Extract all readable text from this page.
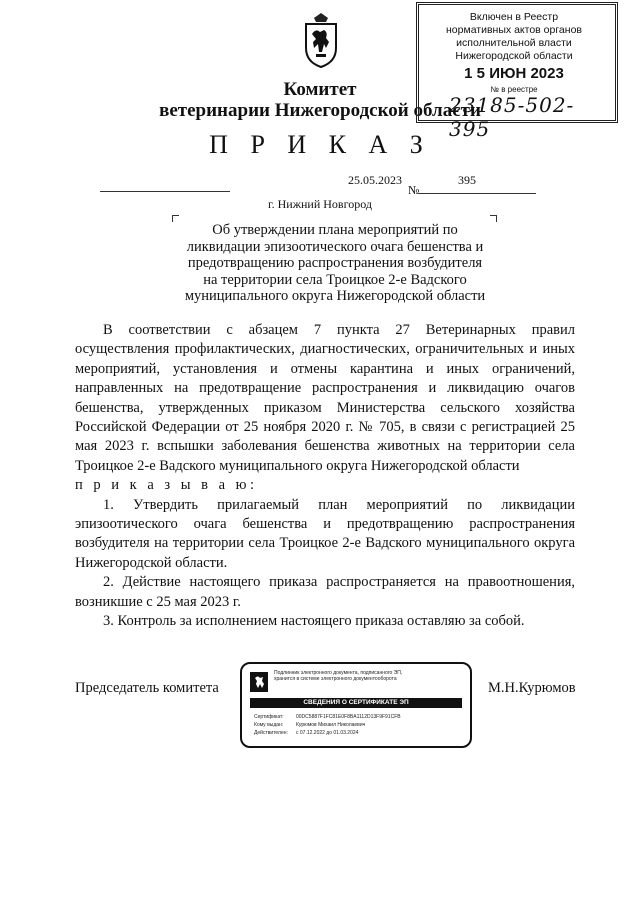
Комитет
ветеринарии Нижегородской области
Включен в Реестр
нормативных актов органов
исполнительной власти
Нижегородской области
1 5 ИЮН 2023
№ в реестре
23185-502-395
П Р И К А З
25.05.2023	395
№
г. Нижний Новгород
Об утверждении плана мероприятий по
ликвидации эпизоотического очага бешенства и
предотвращению распространения возбудителя
на территории села Троицкое 2-е Вадского
муниципального округа Нижегородской области

В соответствии с абзацем 7 пункта 27 Ветеринарных правил осуществления профилактических, диагностических, ограничительных и иных мероприятий, установления и отмены карантина и иных ограничений, направленных на предотвращение распространения и ликвидацию очагов бешенства, утвержденных приказом Министерства сельского хозяйства Российской Федерации от 25 ноября 2020 г. № 705, в связи с регистрацией 25 мая 2023 г. вспышки заболевания бешенства животных на территории села Троицкое 2-е Вадского муниципального округа Нижегородской области

п р и к а з ы в а ю:

1. Утвердить прилагаемый план мероприятий по ликвидации эпизоотического очага бешенства и предотвращению распространения возбудителя на территории села Троицкое 2-е Вадского муниципального округа Нижегородской области.

2. Действие настоящего приказа распространяется на правоотношения, возникшие с 25 мая 2023 г.

3. Контроль за исполнением настоящего приказа оставляю за собой.

Председатель комитета	М.Н.Курюмов
Подлинник электронного документа, подписанного ЭП,
хранится в системе электронного документооборота
СВЕДЕНИЯ О СЕРТИФИКАТЕ ЭП
Сертификат: 00DC5887F1FC81E0F8BA1112D13F9F91CFB
Кому выдан:	Курюмов Михаил Николаевич
Действителен: с 07.12.2022 до 01.03.2024
